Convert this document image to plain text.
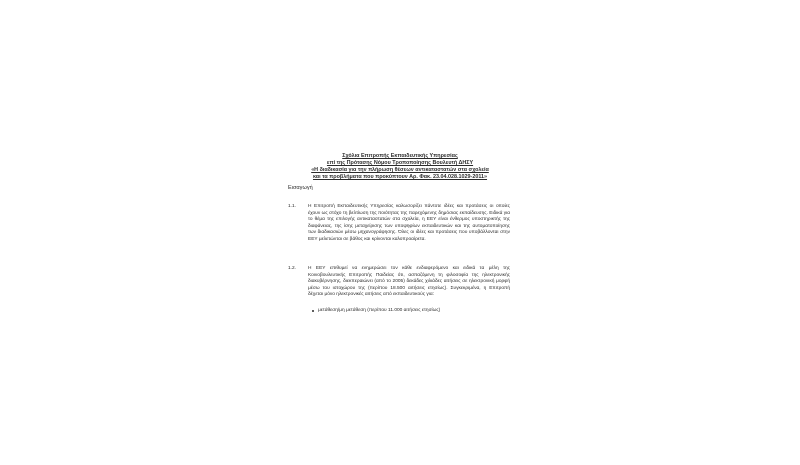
Σχόλια Επιτροπής Εκπαιδευτικής Υπηρεσίας
επί της Πρότασης Νόμου Τροποποίησης Βουλευτή ΔΗΣΥ
«Η διαδικασία για την πλήρωση θέσεων αντικαταστατών στα σχολεία
και τα προβλήματα που προκύπτουν Αρ. Φακ. 23.04.028.1029-2011»
Εισαγωγή
1.1. Η Επιτροπή Εκπαιδευτικής Υπηρεσίας καλωσορίζει πάντοτε ιδέες και προτάσεις οι οποίες έχουν ως στόχο τη βελτίωση της ποιότητας της παρεχόμενης δημόσιας εκπαίδευσης. Ειδικά για το θέμα της επιλογής αντικαταστατών στα σχολεία, η ΕΕΥ είναι ένθερμος υποστηρικτής της διαφάνειας, της ίσης μεταχείρισης των υποψηφίων εκπαιδευτικών και της αυτοματοποίησης των διαδικασιών μέσω μηχανογράφησης. Όλες οι ιδέες και προτάσεις που υποβάλλονται στην ΕΕΥ μελετώνται σε βάθος και κρίνονται καλοπροαίρετα.
1.2. Η ΕΕΥ επιθυμεί να ενημερώσει τον κάθε ενδιαφερόμενο και ειδικά τα μέλη της Κοινοβουλευτικής Επιτροπής Παιδείας ότι, ασπαζόμενη τη φιλοσοφία της ηλεκτρονικής διακυβέρνησης, διεκπεραιώνει (από το 2005) δεκάδες χιλιάδες αιτήσεις σε ηλεκτρονική μορφή μέσω του ιστοχώρου της (περίπου 18.500 αιτήσεις ετησίως). Συγκεκριμένα, η Επιτροπή δέχεται μόνο ηλεκτρονικές αιτήσεις από εκπαιδευτικούς για:
μετάθεση/μη μετάθεση (περίπου 11.000 αιτήσεις ετησίως)
